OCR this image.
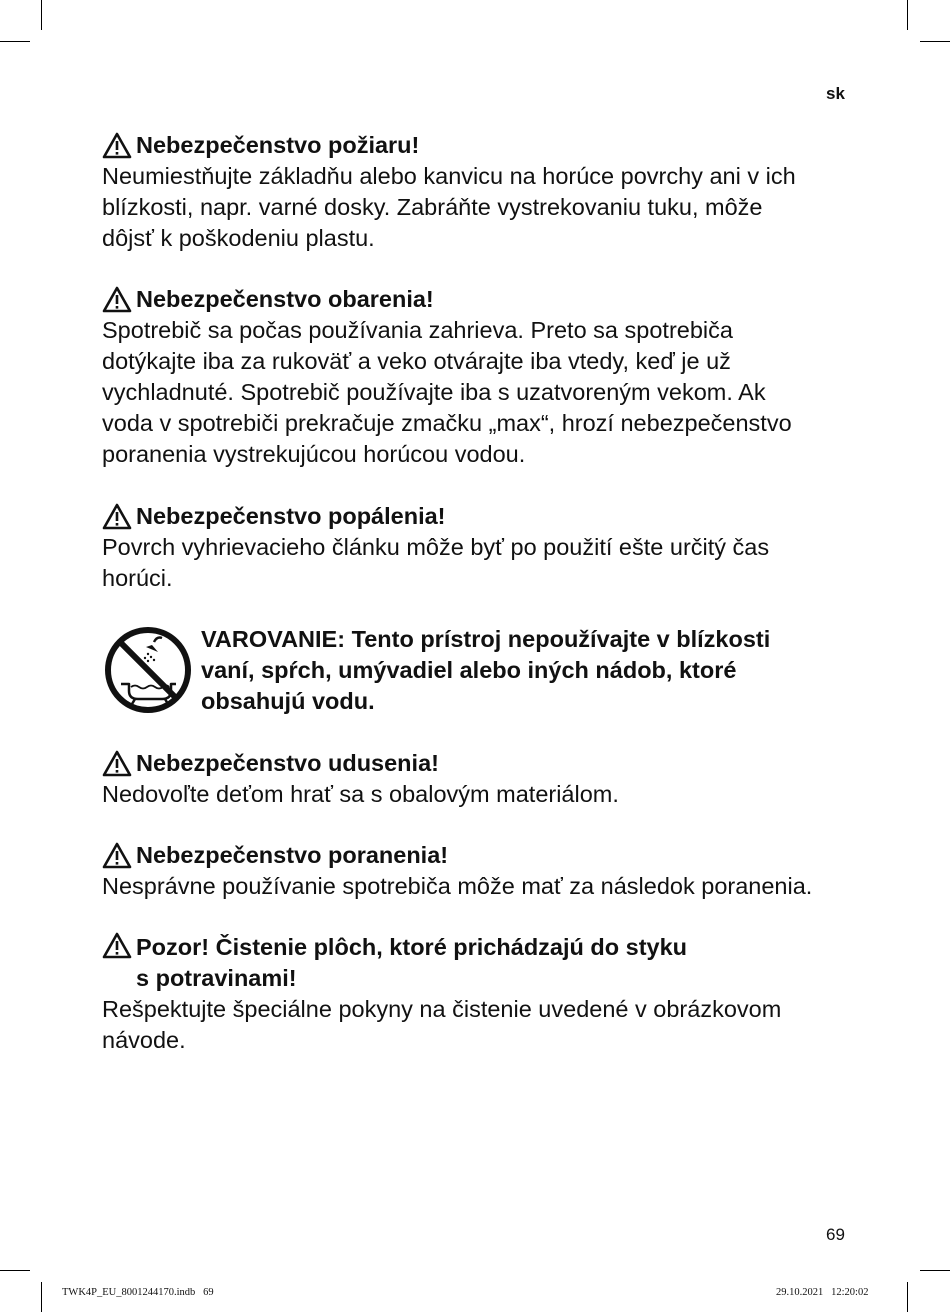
sk
Nebezpečenstvo požiaru!

Neumiestňujte základňu alebo kanvicu na horúce povrchy ani v ich

blízkosti, napr. varné dosky. Zabráňte vystrekovaniu tuku, môže

dôjsť k poškodeniu plastu.

Nebezpečenstvo obarenia!

Spotrebič sa počas používania zahrieva. Preto sa spotrebiča

dotýkajte iba za rukoväť a veko otvárajte iba vtedy, keď je už

vychladnuté. Spotrebič používajte iba s uzatvoreným vekom. Ak

voda v spotrebiči prekračuje zmačku „max“, hrozí nebezpečenstvo

poranenia vystrekujúcou horúcou vodou.

Nebezpečenstvo popálenia!

Povrch vyhrievacieho článku môže byť po použití ešte určitý čas

horúci.

VAROVANIE: Tento prístroj nepoužívajte v blízkosti

vaní, spŕch, umývadiel alebo iných nádob, ktoré

obsahujú vodu.

Nebezpečenstvo udusenia!

Nedovoľte deťom hrať sa s obalovým materiálom.

Nebezpečenstvo poranenia!

Nesprávne používanie spotrebiča môže mať za následok poranenia.

Pozor! Čistenie plôch, ktoré prichádzajú do styku
s potravinami!

Rešpektujte špeciálne pokyny na čistenie uvedené v obrázkovom

návode.

69
TWK4P_EU_8001244170.indb   69	29.10.2021   12:20:02
